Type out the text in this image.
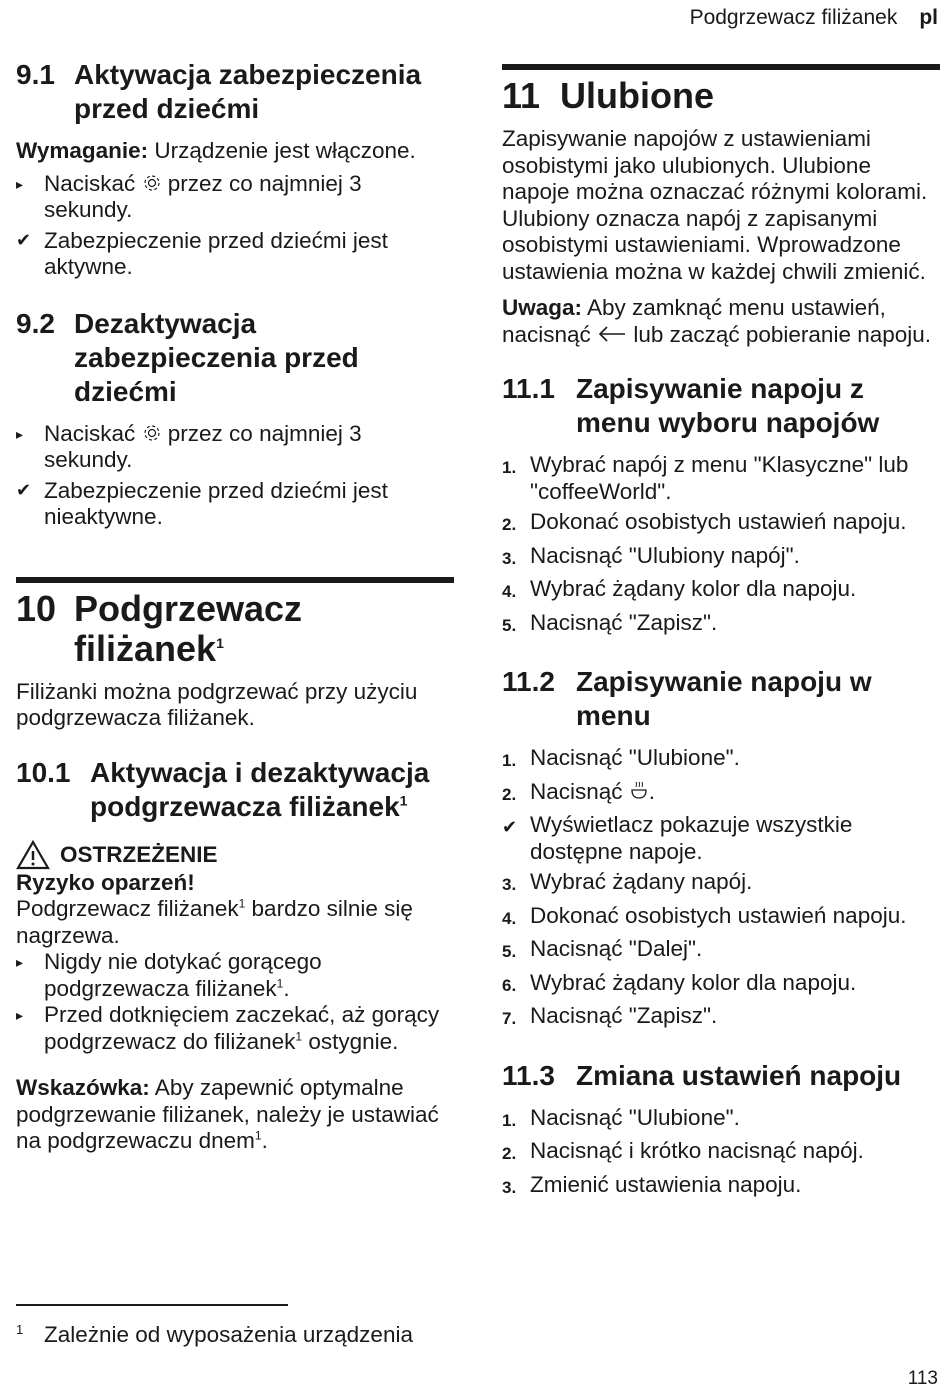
Podgrzewacz filiżanek pl
9.1 Aktywacja zabezpieczenia przed dziećmi

Wymaganie: Urządzenie jest włączone.

▸ Naciskać  przez co najmniej 3 sekundy.

✔ Zabezpieczenie przed dziećmi jest aktywne.

9.2 Dezaktywacja zabezpieczenia przed dziećmi
▸ Naciskać  przez co najmniej 3 sekundy.

✔ Zabezpieczenie przed dziećmi jest nieaktywne.

10 Podgrzewacz filiżanek$^1$

Filiżanki można podgrzewać przy użyciu podgrzewacza filiżanek.

10.1 Aktywacja i dezaktywacja podgrzewacza filiżanek$^1$
OSTRZEŻENIE

Ryzyko oparzeń!

Podgrzewacz filiżanek$^1$ bardzo silnie się nagrzewa.

▸ Nigdy nie dotykać gorącego podgrzewacza filiżanek$^1$.

▸ Przed dotknięciem zaczekać, aż gorący podgrzewacz do filiżanek$^1$ ostygnie.

Wskazówka: Aby zapewnić optymalne podgrzewanie filiżanek, należy je ustawiać na podgrzewaczu dnem$^1$.

11 Ulubione

Zapisywanie napojów z ustawieniami osobistymi jako ulubionych. Ulubione napoje można oznaczać różnymi kolorami. Ulubiony oznacza napój z zapisanymi osobistymi ustawieniami. Wprowadzone ustawienia można w każdej chwili zmienić.

Uwaga: Aby zamknąć menu ustawień, nacisnąć  lub zacząć pobieranie napoju.

11.1 Zapisywanie napoju z menu wyboru napojów
1. Wybrać napój z menu "Klasyczne" lub "coffeeWorld".

2. Dokonać osobistych ustawień napoju.

3. Nacisnąć "Ulubiony napój".

4. Wybrać żądany kolor dla napoju.

5. Nacisnąć "Zapisz".

11.2 Zapisywanie napoju w menu
1. Nacisnąć "Ulubione".

2. Nacisnąć .

✔ Wyświetlacz pokazuje wszystkie dostępne napoje.

3. Wybrać żądany napój.

4. Dokonać osobistych ustawień napoju.

5. Nacisnąć "Dalej".

6. Wybrać żądany kolor dla napoju.

7. Nacisnąć "Zapisz".

11.3 Zmiana ustawień napoju
1. Nacisnąć "Ulubione".

2. Nacisnąć i krótko nacisnąć napój.

3. Zmienić ustawienia napoju.

1 Zależnie od wyposażenia urządzenia
113
